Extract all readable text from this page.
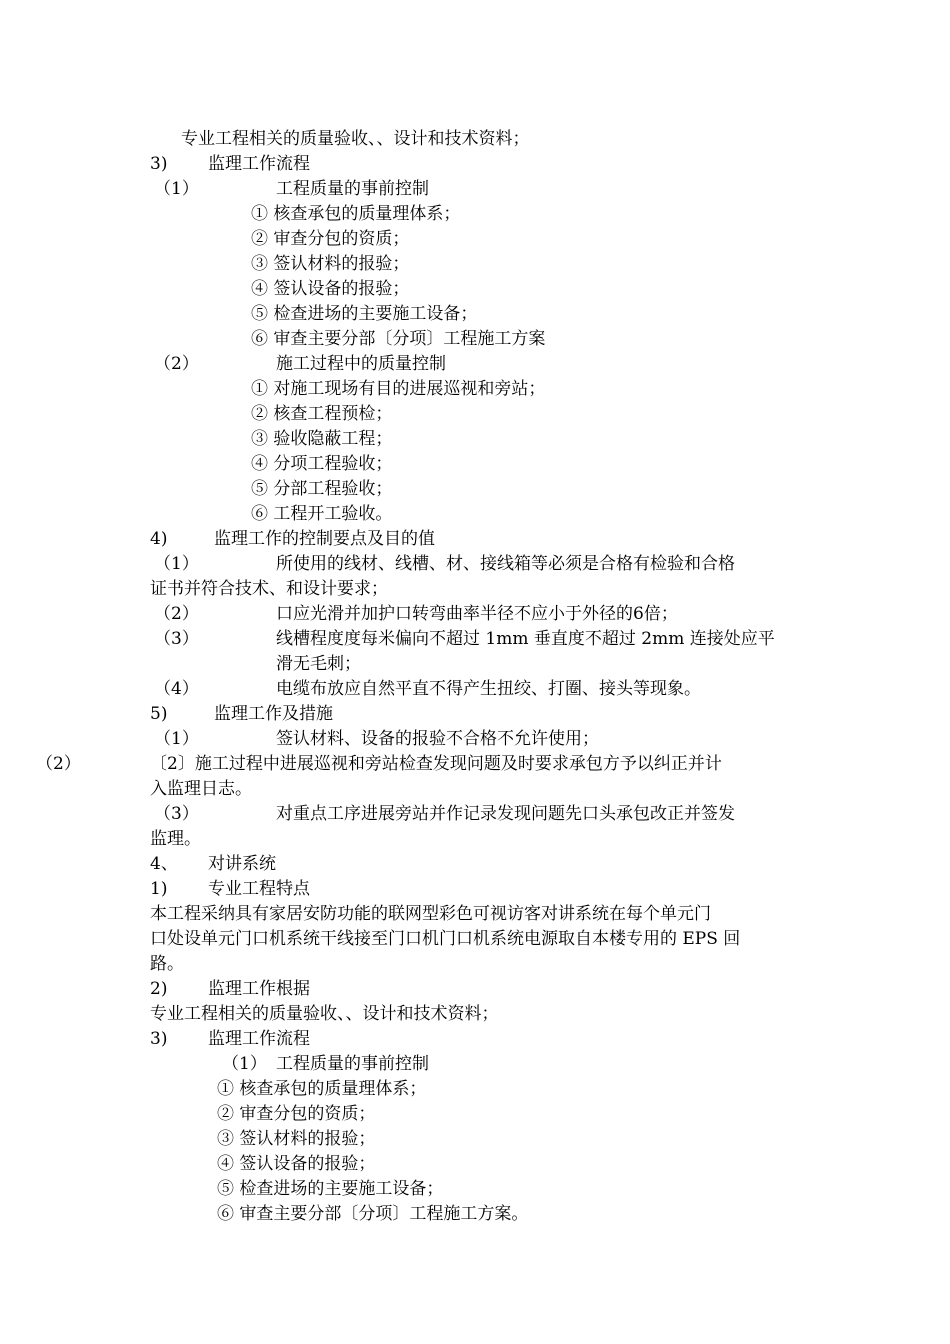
专业工程相关的质量验收、、设计和技术资料；
3) 监理工作流程
（1）	工程质量的事前控制
① 核查承包的质量理体系；
② 审查分包的资质；
③ 签认材料的报验；
④ 签认设备的报验；
⑤ 检查进场的主要施工设备；
⑥ 审查主要分部〔分项〕工程施工方案
（2）	施工过程中的质量控制
① 对施工现场有目的进展巡视和旁站；
② 核查工程预检；
③ 验收隐蔽工程；
④ 分项工程验收；
⑤ 分部工程验收；
⑥ 工程开工验收。
4)	监理工作的控制要点及目的值
（1）	所使用的线材、线槽、材、接线箱等必须是合格有检验和合格
证书并符合技术、和设计要求；
（2）	口应光滑并加护口转弯曲率半径不应小于外径的6倍；
（3）	线槽程度度每米偏向不超过 1mm 垂直度不超过 2mm 连接处应平
滑无毛刺；
（4）	电缆布放应自然平直不得产生扭绞、打圈、接头等现象。
5)	监理工作及措施
（1）	签认材料、设备的报验不合格不允许使用；
（2）	〔2〕施工过程中进展巡视和旁站检查发现问题及时要求承包方予以纠正并计
入监理日志。
（3）	对重点工序进展旁站并作记录发现问题先口头承包改正并签发
监理。
4、 对讲系统
1) 专业工程特点
本工程采纳具有家居安防功能的联网型彩色可视访客对讲系统在每个单元门
口处设单元门口机系统干线接至门口机门口机系统电源取自本楼专用的 EPS 回
路。
2) 监理工作根据
专业工程相关的质量验收、、设计和技术资料；
3) 监理工作流程
（1） 工程质量的事前控制
① 核查承包的质量理体系；
② 审查分包的资质；
③ 签认材料的报验；
④ 签认设备的报验；
⑤ 检查进场的主要施工设备；
⑥ 审查主要分部〔分项〕工程施工方案。
